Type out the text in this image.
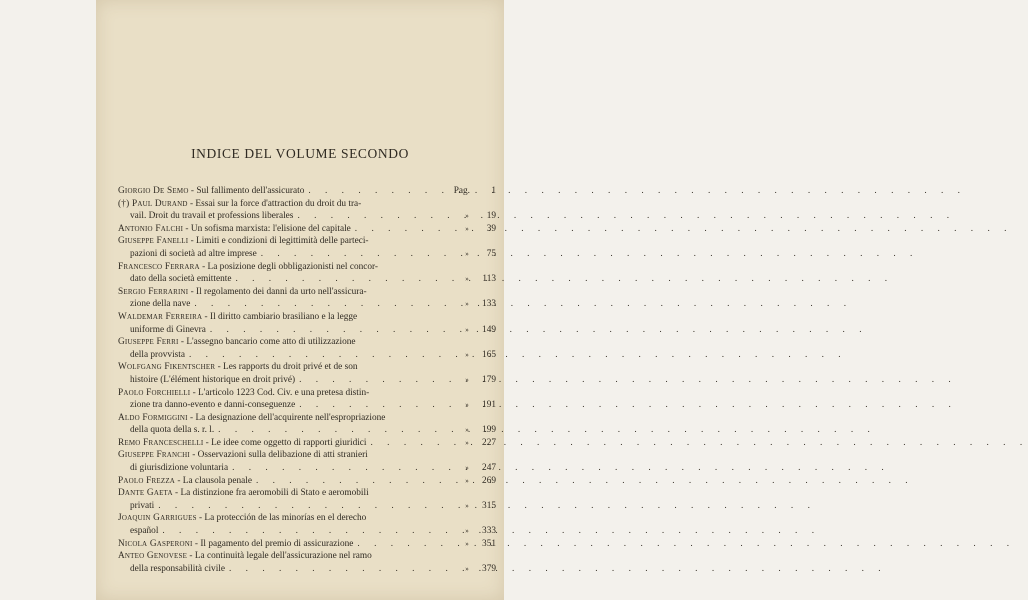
INDICE DEL VOLUME SECONDO
Giorgio De Semo - Sul fallimento dell'assicurato . . .	Pag.	1
(†) Paul Durand - Essai sur la force d'attraction du droit du tra-
vail. Droit du travail et professions liberales . . .	»	19
Antonio Falchi - Un sofisma marxista: l'elisione del capitale . . .	»	39
Giuseppe Fanelli - Limiti e condizioni di legittimità delle parteci-
pazioni di società ad altre imprese . . .	»	75
Francesco Ferrara - La posizione degli obbligazionisti nel concor-
dato della società emittente . . .	»	113
Sergio Ferrarini - Il regolamento dei danni da urto nell'assicura-
zione della nave . . .	»	133
Waldemar Ferreira - Il diritto cambiario brasiliano e la legge
uniforme di Ginevra . . .	»	149
Giuseppe Ferri - L'assegno bancario come atto di utilizzazione
della provvista . . .	»	165
Wolfgang Fikentscher - Les rapports du droit privé et de son
histoire (L'élément historique en droit privé) . . .	»	179
Paolo Forchielli - L'articolo 1223 Cod. Civ. e una pretesa distin-
zione tra danno-evento e danni-conseguenze . . .	»	191
Aldo Formiggini - La designazione dell'acquirente nell'espropriazione
della quota della s. r. l. . . .	»	199
Remo Franceschelli - Le idee come oggetto di rapporti giuridici . . .	»	227
Giuseppe Franchi - Osservazioni sulla delibazione di atti stranieri
di giurisdizione voluntaria . . .	»	247
Paolo Frezza - La clausola penale . . .	»	269
Dante Gaeta - La distinzione fra aeromobili di Stato e aeromobili
privati . . .	»	315
Joaquin Garrigues - La protección de las minorías en el derecho
español . . .	»	333
Nicola Gasperoni - Il pagamento del premio di assicurazione . . .	»	351
Anteo Genovese - La continuità legale dell'assicurazione nel ramo
della responsabilità civile . . .	»	379
